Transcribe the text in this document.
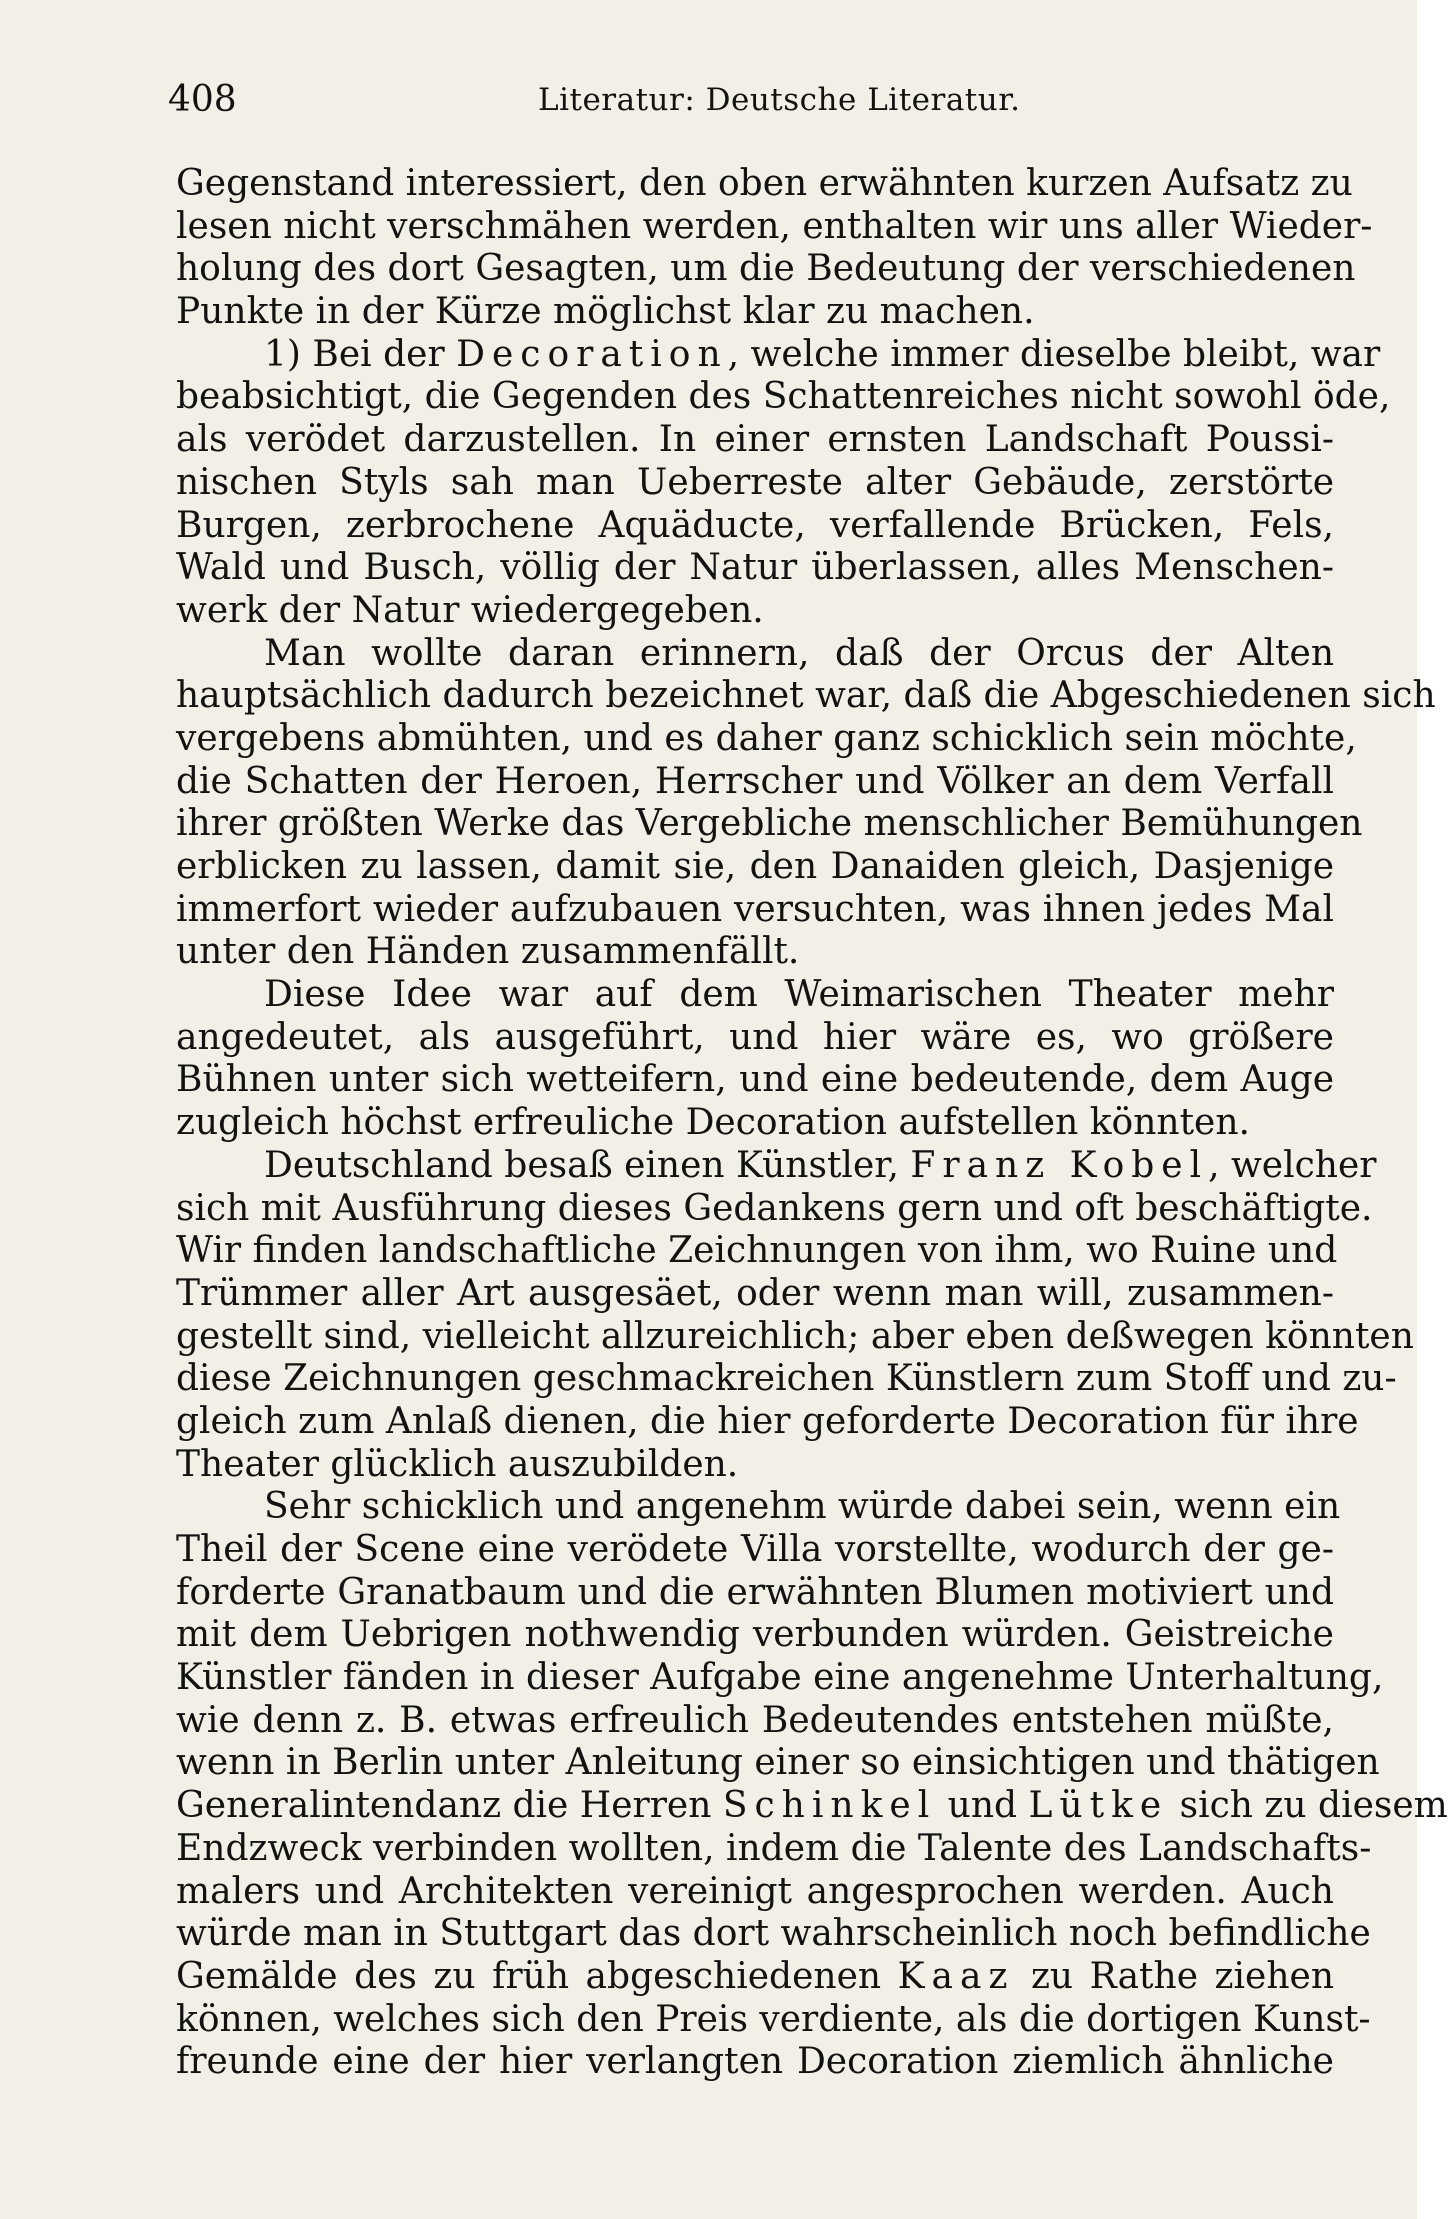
408	Literatur: Deutsche Literatur.
Gegenstand interessiert, den oben erwähnten kurzen Aufsatz zu
lesen nicht verschmähen werden, enthalten wir uns aller Wieder-
holung des dort Gesagten, um die Bedeutung der verschiedenen
Punkte in der Kürze möglichst klar zu machen.
1) Bei der Decoration, welche immer dieselbe bleibt, war
beabsichtigt, die Gegenden des Schattenreiches nicht sowohl öde,
als verödet darzustellen. In einer ernsten Landschaft Poussi-
nischen Styls sah man Ueberreste alter Gebäude, zerstörte
Burgen, zerbrochene Aquäducte, verfallende Brücken, Fels,
Wald und Busch, völlig der Natur überlassen, alles Menschen-
werk der Natur wiedergegeben.
Man wollte daran erinnern, daß der Orcus der Alten
hauptsächlich dadurch bezeichnet war, daß die Abgeschiedenen sich
vergebens abmühten, und es daher ganz schicklich sein möchte,
die Schatten der Heroen, Herrscher und Völker an dem Verfall
ihrer größten Werke das Vergebliche menschlicher Bemühungen
erblicken zu lassen, damit sie, den Danaiden gleich, Dasjenige
immerfort wieder aufzubauen versuchten, was ihnen jedes Mal
unter den Händen zusammenfällt.
Diese Idee war auf dem Weimarischen Theater mehr
angedeutet, als ausgeführt, und hier wäre es, wo größere
Bühnen unter sich wetteifern, und eine bedeutende, dem Auge
zugleich höchst erfreuliche Decoration aufstellen könnten.
Deutschland besaß einen Künstler, Franz Kobel, welcher
sich mit Ausführung dieses Gedankens gern und oft beschäftigte.
Wir finden landschaftliche Zeichnungen von ihm, wo Ruine und
Trümmer aller Art ausgesäet, oder wenn man will, zusammen-
gestellt sind, vielleicht allzureichlich; aber eben deßwegen könnten
diese Zeichnungen geschmackreichen Künstlern zum Stoff und zu-
gleich zum Anlaß dienen, die hier geforderte Decoration für ihre
Theater glücklich auszubilden.
Sehr schicklich und angenehm würde dabei sein, wenn ein
Theil der Scene eine verödete Villa vorstellte, wodurch der ge-
forderte Granatbaum und die erwähnten Blumen motiviert und
mit dem Uebrigen nothwendig verbunden würden. Geistreiche
Künstler fänden in dieser Aufgabe eine angenehme Unterhaltung,
wie denn z. B. etwas erfreulich Bedeutendes entstehen müßte,
wenn in Berlin unter Anleitung einer so einsichtigen und thätigen
Generalintendanz die Herren Schinkel und Lütke sich zu diesem
Endzweck verbinden wollten, indem die Talente des Landschafts-
malers und Architekten vereinigt angesprochen werden. Auch
würde man in Stuttgart das dort wahrscheinlich noch befindliche
Gemälde des zu früh abgeschiedenen Kaaz zu Rathe ziehen
können, welches sich den Preis verdiente, als die dortigen Kunst-
freunde eine der hier verlangten Decoration ziemlich ähnliche
